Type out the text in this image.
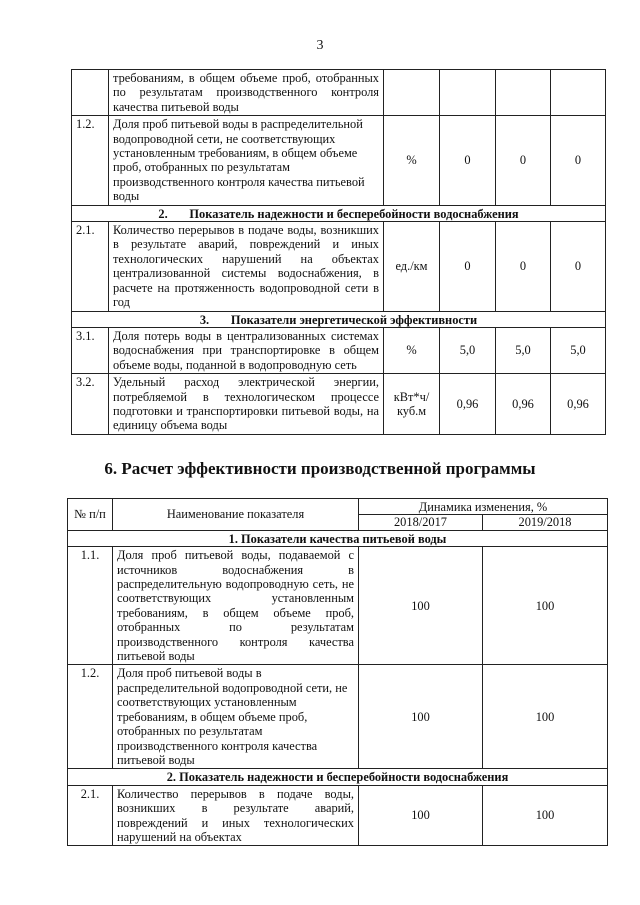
3
	требованиям, в общем объеме проб, отобранных по результатам производственного контроля качества питьевой воды				
1.2.	Доля проб питьевой воды в распределительной водопроводной сети, не соответствующих установленным требованиям, в общем объеме проб, отобранных по результатам производственного контроля качества питьевой воды	%	0	0	0
2. Показатель надежности и бесперебойности водоснабжения					
2.1.	Количество перерывов в подаче воды, возникших в результате аварий, повреждений и иных технологических нарушений на объектах централизованной системы водоснабжения, в расчете на протяженность водопроводной сети в год	ед./км	0	0	0
3. Показатели энергетической эффективности					
3.1.	Доля потерь воды в централизованных системах водоснабжения при транспортировке в общем объеме воды, поданной в водопроводную сеть	%	5,0	5,0	5,0
3.2.	Удельный расход электрической энергии, потребляемой в технологическом процессе подготовки и транспортировки питьевой воды, на единицу объема воды	кВт*ч/ куб.м	0,96	0,96	0,96
6. Расчет эффективности производственной программы
№ п/п	Наименование показателя	Динамика изменения, %	
		2018/2017	2019/2018
1. Показатели качества питьевой воды			
1.1.	Доля проб питьевой воды, подаваемой с источников водоснабжения в распределительную водопроводную сеть, не соответствующих установленным требованиям, в общем объеме проб, отобранных по результатам производственного контроля качества питьевой воды	100	100
1.2.	Доля проб питьевой воды в распределительной водопроводной сети, не соответствующих установленным требованиям, в общем объеме проб, отобранных по результатам производственного контроля качества питьевой воды	100	100
2. Показатель надежности и бесперебойности водоснабжения			
2.1.	Количество перерывов в подаче воды, возникших в результате аварий, повреждений и иных технологических нарушений на объектах	100	100
